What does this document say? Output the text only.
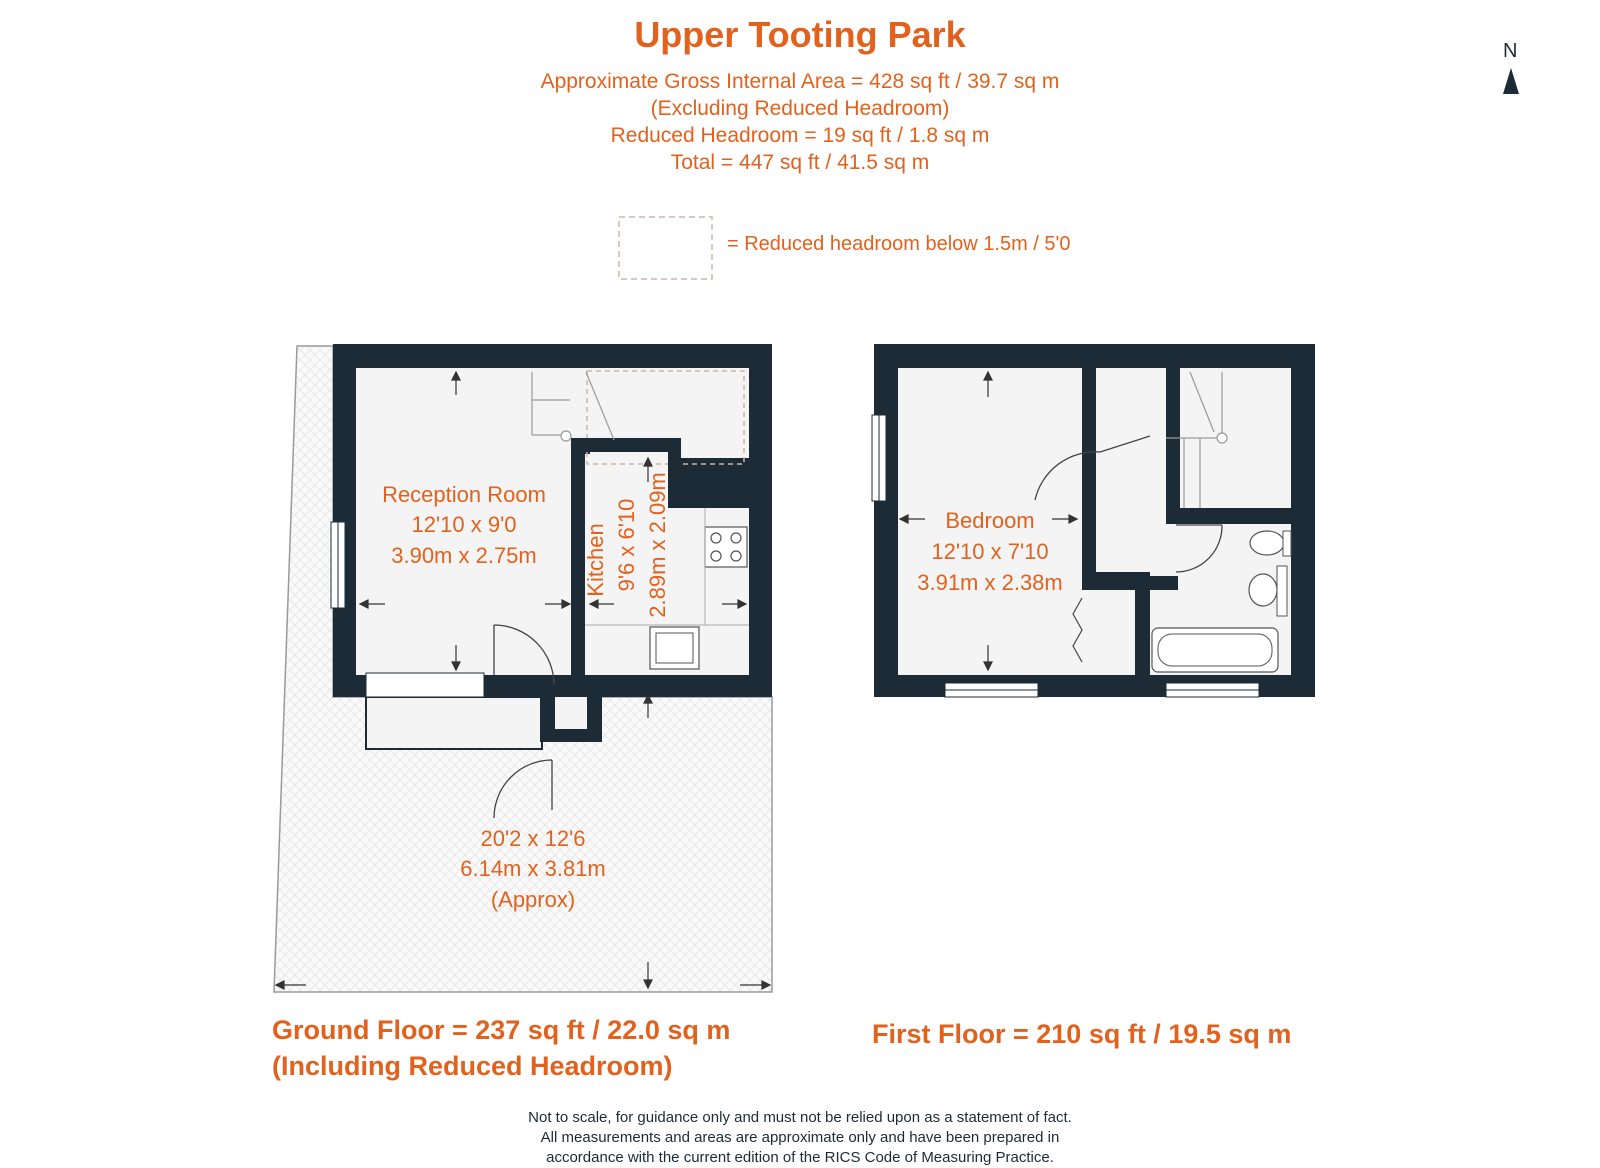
Upper Tooting Park
Approximate Gross Internal Area = 428 sq ft / 39.7 sq m
(Excluding Reduced Headroom)
Reduced Headroom = 19 sq ft / 1.8 sq m
Total = 447 sq ft / 41.5 sq m
= Reduced headroom below 1.5m / 5'0
N
Reception Room
12'10 x 9'0
3.90m x 2.75m Kitchen 9'6 x 6'10 2.89m x 2.09m
20'2 x 12'6
6.14m x 3.81m
(Approx)
Bedroom
12'10 x 7'10
3.91m x 2.38m
Ground Floor = 237 sq ft / 22.0 sq m
(Including Reduced Headroom)
First Floor = 210 sq ft / 19.5 sq m
Not to scale, for guidance only and must not be relied upon as a statement of fact.
All measurements and areas are approximate only and have been prepared in
accordance with the current edition of the RICS Code of Measuring Practice.
